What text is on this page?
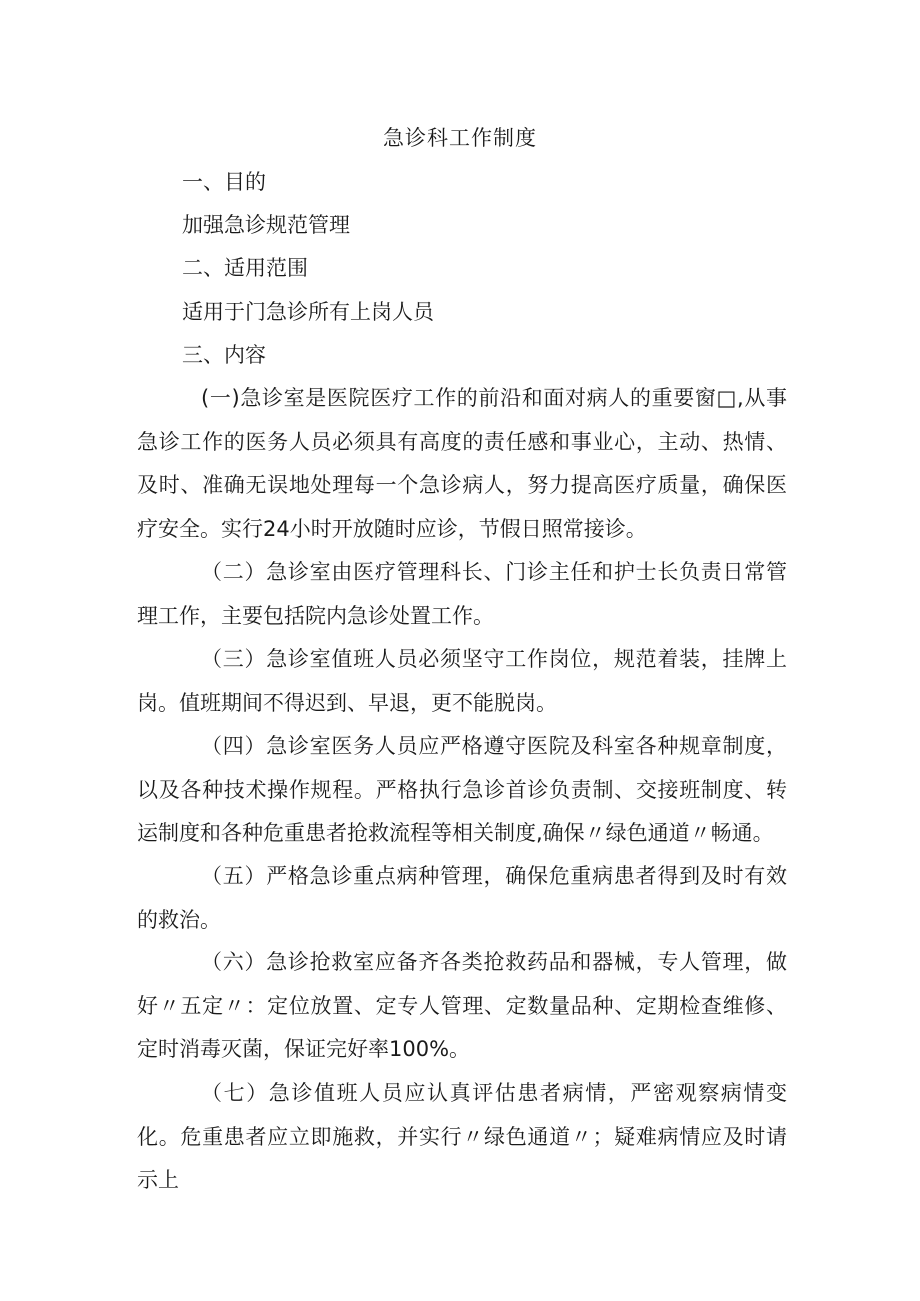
急诊科工作制度
一、目的
加强急诊规范管理
二、适用范围
适用于门急诊所有上岗人员
三、内容

(一)急诊室是医院医疗工作的前沿和面对病人的重要窗□,从事急诊工作的医务人员必须具有高度的责任感和事业心，主动、热情、及时、准确无误地处理每一个急诊病人，努力提高医疗质量，确保医疗安全。实行24小时开放随时应诊，节假日照常接诊。

（二）急诊室由医疗管理科长、门诊主任和护士长负责日常管理工作，主要包括院内急诊处置工作。

（三）急诊室值班人员必须坚守工作岗位，规范着装，挂牌上岗。值班期间不得迟到、早退，更不能脱岗。

（四）急诊室医务人员应严格遵守医院及科室各种规章制度，以及各种技术操作规程。严格执行急诊首诊负责制、交接班制度、转运制度和各种危重患者抢救流程等相关制度,确保〃绿色通道〃畅通。

（五）严格急诊重点病种管理，确保危重病患者得到及时有效的救治。

（六）急诊抢救室应备齐各类抢救药品和器械，专人管理，做好〃五定〃：定位放置、定专人管理、定数量品种、定期检查维修、定时消毒灭菌，保证完好率100%。

（七）急诊值班人员应认真评估患者病情，严密观察病情变化。危重患者应立即施救，并实行〃绿色通道〃；疑难病情应及时请示上
